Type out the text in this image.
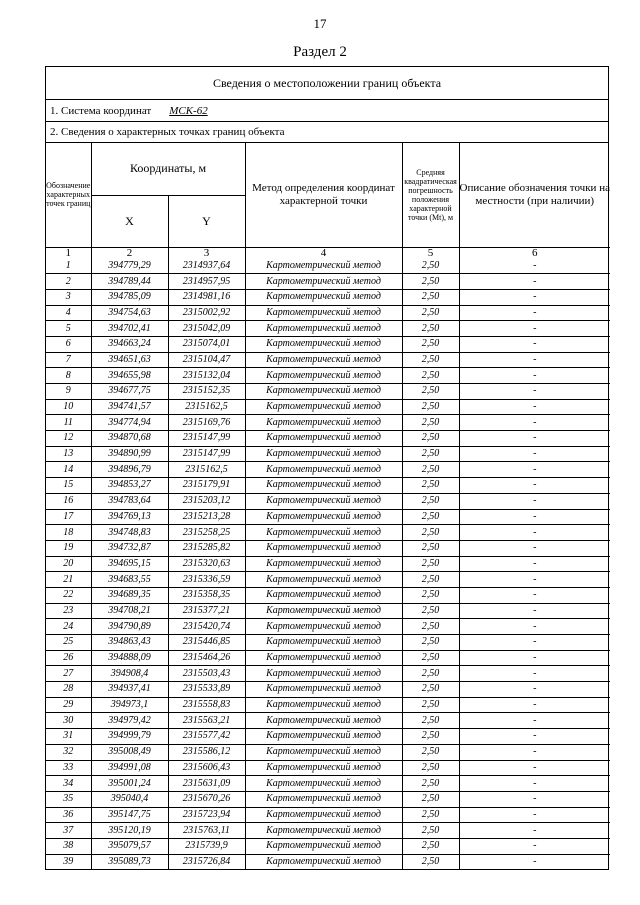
17
Раздел 2
Сведения о местоположении границ объекта
1. Система координат МСК-62
2. Сведения о характерных точках границ объекта
Обозначение характерных точек границ	Координаты, м		Метод определения координат характерной точки	Средняя квадратическая погрешность положения характерной точки (Mt), м	Описание обозначения точки на местности (при наличии)
	X	Y			
1	2	3	4	5	6
1	394779,29	2314937,64	Картометрический метод	2,50	-
2	394789,44	2314957,95	Картометрический метод	2,50	-
3	394785,09	2314981,16	Картометрический метод	2,50	-
4	394754,63	2315002,92	Картометрический метод	2,50	-
5	394702,41	2315042,09	Картометрический метод	2,50	-
6	394663,24	2315074,01	Картометрический метод	2,50	-
7	394651,63	2315104,47	Картометрический метод	2,50	-
8	394655,98	2315132,04	Картометрический метод	2,50	-
9	394677,75	2315152,35	Картометрический метод	2,50	-
10	394741,57	2315162,5	Картометрический метод	2,50	-
11	394774,94	2315169,76	Картометрический метод	2,50	-
12	394870,68	2315147,99	Картометрический метод	2,50	-
13	394890,99	2315147,99	Картометрический метод	2,50	-
14	394896,79	2315162,5	Картометрический метод	2,50	-
15	394853,27	2315179,91	Картометрический метод	2,50	-
16	394783,64	2315203,12	Картометрический метод	2,50	-
17	394769,13	2315213,28	Картометрический метод	2,50	-
18	394748,83	2315258,25	Картометрический метод	2,50	-
19	394732,87	2315285,82	Картометрический метод	2,50	-
20	394695,15	2315320,63	Картометрический метод	2,50	-
21	394683,55	2315336,59	Картометрический метод	2,50	-
22	394689,35	2315358,35	Картометрический метод	2,50	-
23	394708,21	2315377,21	Картометрический метод	2,50	-
24	394790,89	2315420,74	Картометрический метод	2,50	-
25	394863,43	2315446,85	Картометрический метод	2,50	-
26	394888,09	2315464,26	Картометрический метод	2,50	-
27	394908,4	2315503,43	Картометрический метод	2,50	-
28	394937,41	2315533,89	Картометрический метод	2,50	-
29	394973,1	2315558,83	Картометрический метод	2,50	-
30	394979,42	2315563,21	Картометрический метод	2,50	-
31	394999,79	2315577,42	Картометрический метод	2,50	-
32	395008,49	2315586,12	Картометрический метод	2,50	-
33	394991,08	2315606,43	Картометрический метод	2,50	-
34	395001,24	2315631,09	Картометрический метод	2,50	-
35	395040,4	2315670,26	Картометрический метод	2,50	-
36	395147,75	2315723,94	Картометрический метод	2,50	-
37	395120,19	2315763,11	Картометрический метод	2,50	-
38	395079,57	2315739,9	Картометрический метод	2,50	-
39	395089,73	2315726,84	Картометрический метод	2,50	-
